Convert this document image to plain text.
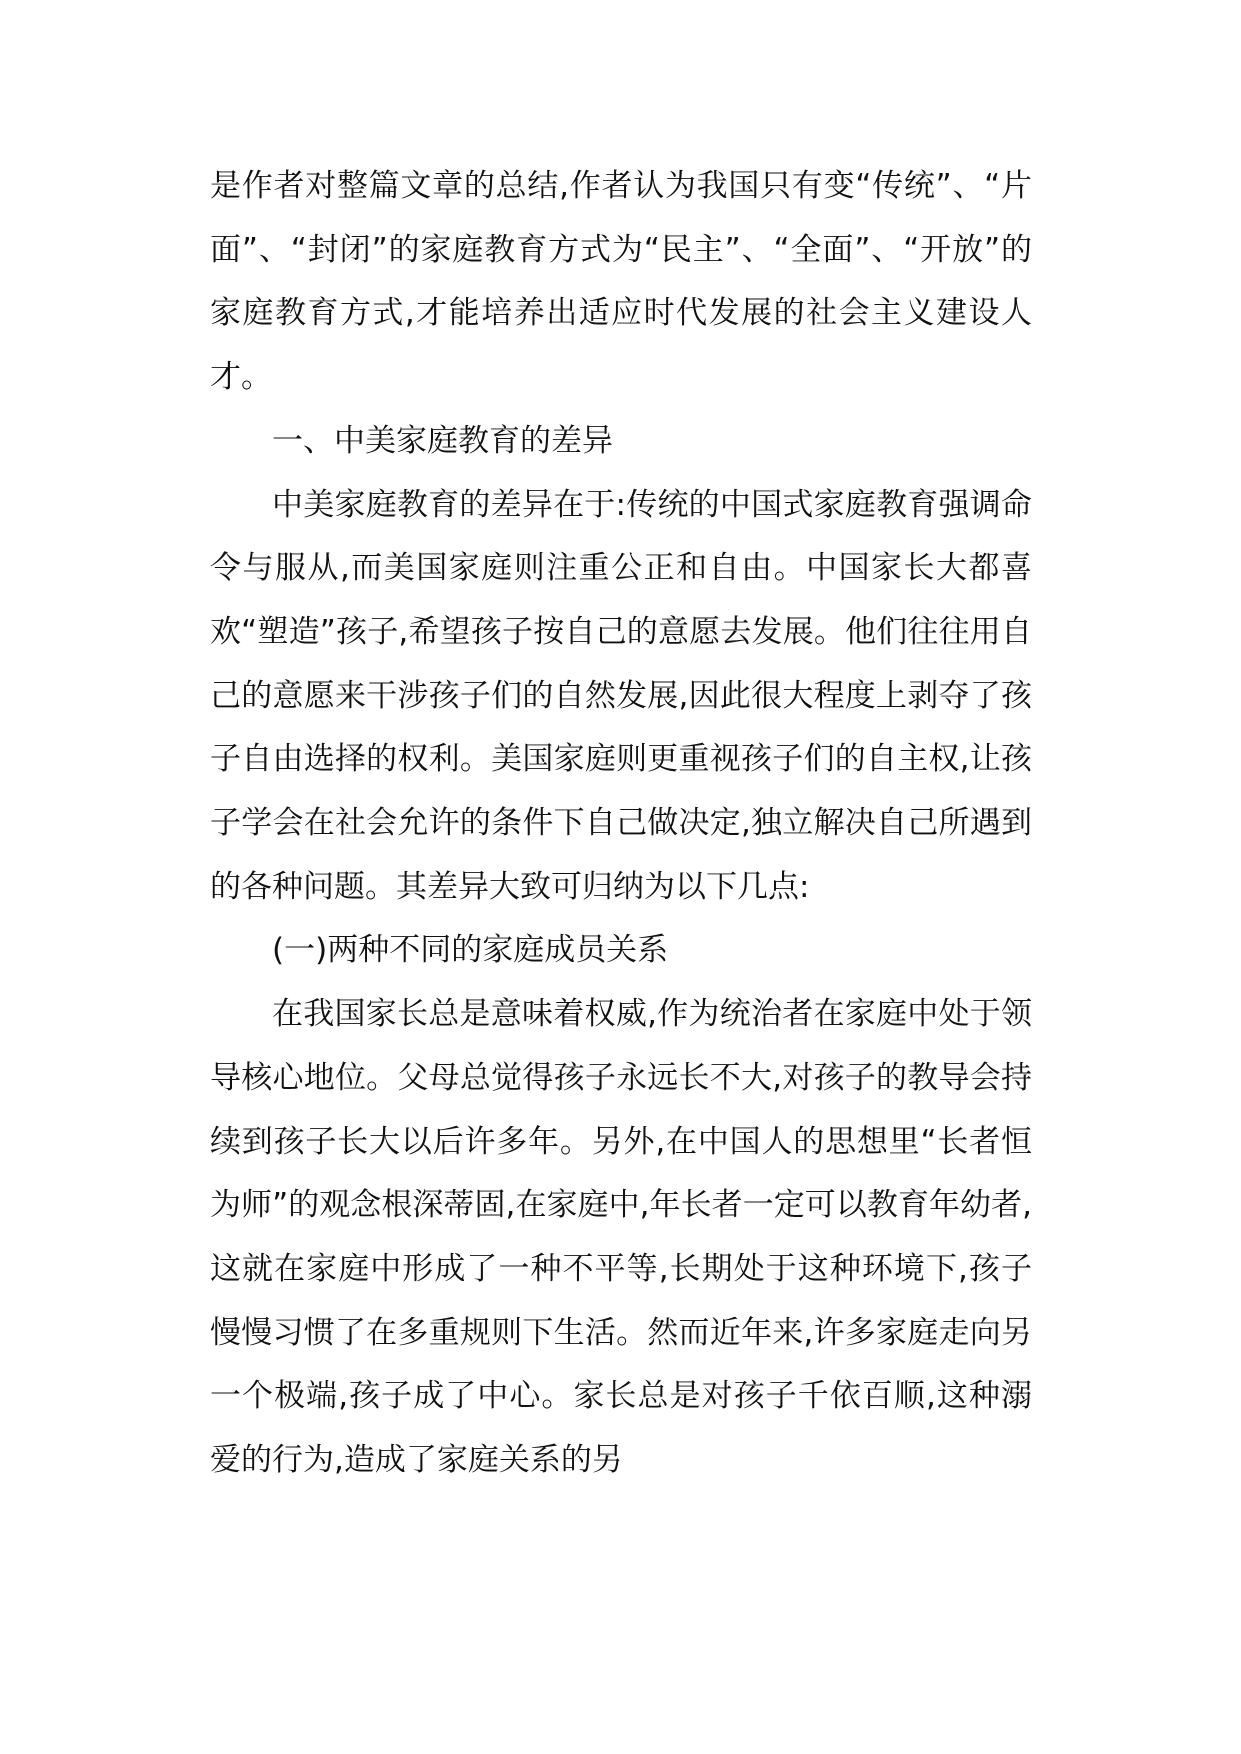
是作者对整篇文章的总结,作者认为我国只有变“传统”、“片面”、“封闭”的家庭教育方式为“民主”、“全面”、“开放”的家庭教育方式,才能培养出适应时代发展的社会主义建设人才。

一、中美家庭教育的差异

中美家庭教育的差异在于:传统的中国式家庭教育强调命令与服从,而美国家庭则注重公正和自由。中国家长大都喜欢“塑造”孩子,希望孩子按自己的意愿去发展。他们往往用自己的意愿来干涉孩子们的自然发展,因此很大程度上剥夺了孩子自由选择的权利。美国家庭则更重视孩子们的自主权,让孩子学会在社会允许的条件下自己做决定,独立解决自己所遇到的各种问题。其差异大致可归纳为以下几点:

(一)两种不同的家庭成员关系

在我国家长总是意味着权威,作为统治者在家庭中处于领导核心地位。父母总觉得孩子永远长不大,对孩子的教导会持续到孩子长大以后许多年。另外,在中国人的思想里“长者恒为师”的观念根深蒂固,在家庭中,年长者一定可以教育年幼者,这就在家庭中形成了一种不平等,长期处于这种环境下,孩子慢慢习惯了在多重规则下生活。然而近年来,许多家庭走向另一个极端,孩子成了中心。家长总是对孩子千依百顺,这种溺爱的行为,造成了家庭关系的另
